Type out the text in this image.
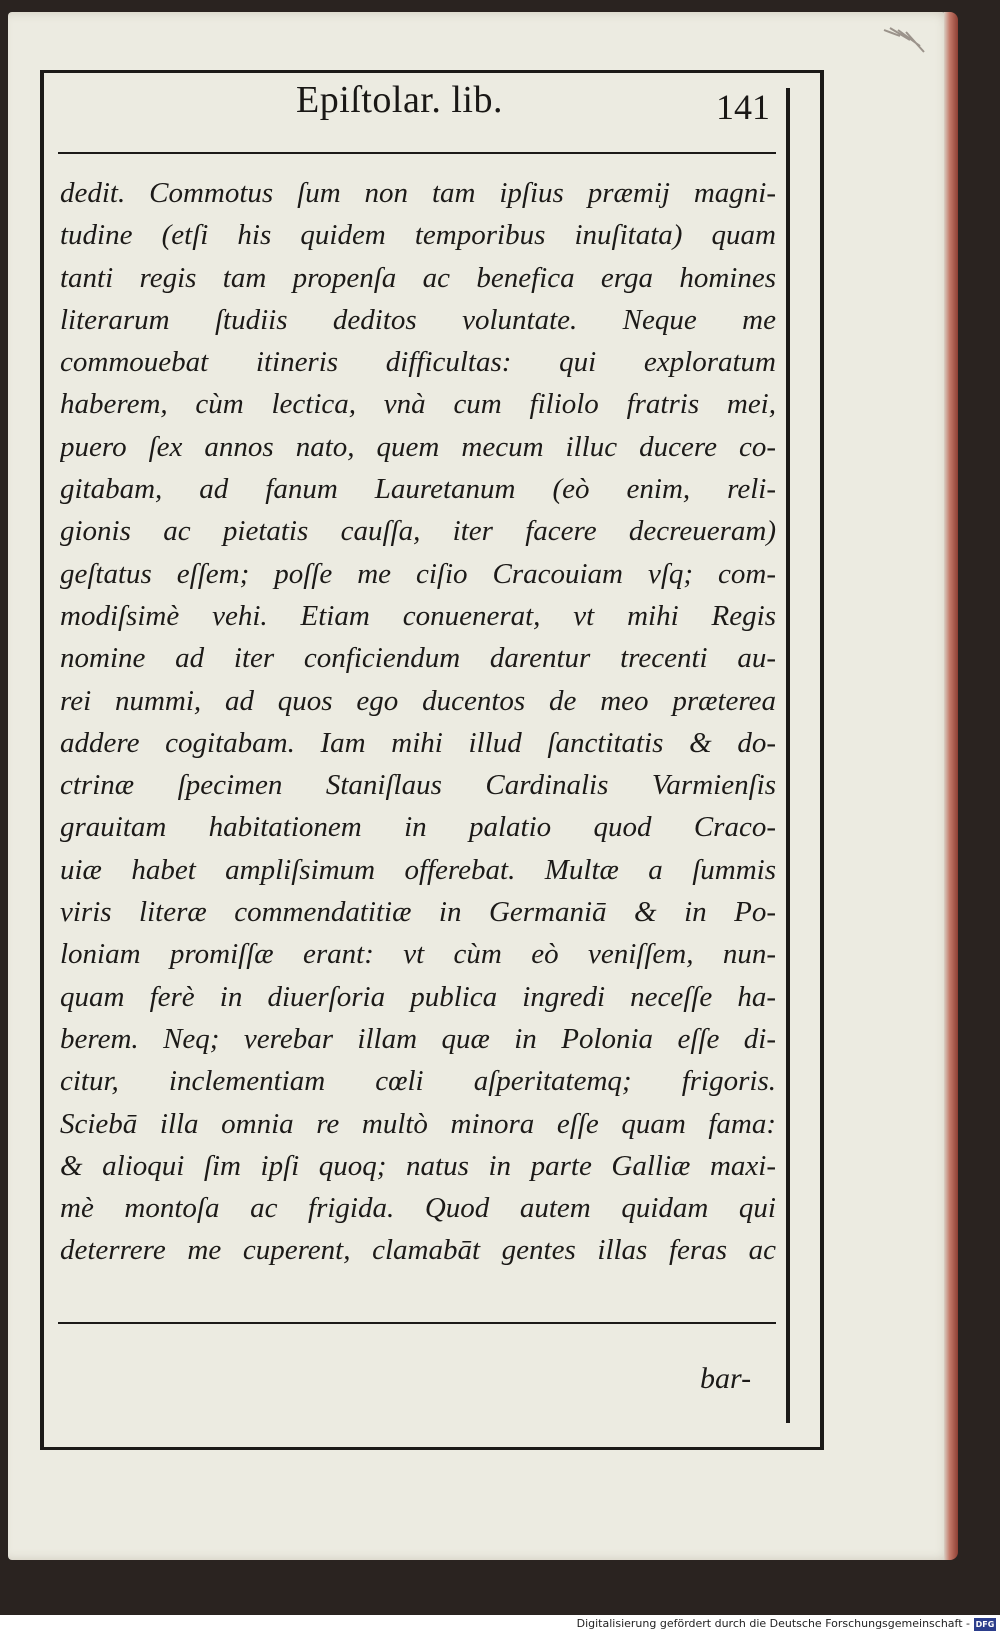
Epiſtolar. lib.	141
dedit. Commotus ſum non tam ipſius præmij magni-
tudine (etſi his quidem temporibus inuſitata) quam
tanti regis tam propenſa ac benefica erga homines
literarum ſtudiis deditos voluntate. Neque me
commouebat itineris difficultas: qui exploratum
haberem, cùm lectica, vnà cum filiolo fratris mei,
puero ſex annos nato, quem mecum illuc ducere co-
gitabam, ad fanum Lauretanum (eò enim, reli-
gionis ac pietatis cauſſa, iter facere decreueram)
geſtatus eſſem; poſſe me ciſio Cracouiam vſq; com-
modiſsimè vehi. Etiam conuenerat, vt mihi Regis
nomine ad iter conficiendum darentur trecenti au-
rei nummi, ad quos ego ducentos de meo præterea
addere cogitabam. Iam mihi illud ſanctitatis & do-
ctrinæ ſpecimen Staniſlaus Cardinalis Varmienſis
grauitam habitationem in palatio quod Craco-
uiæ habet ampliſsimum offerebat. Multæ a ſummis
viris literæ commendatitiæ in Germaniā & in Po-
loniam promiſſæ erant: vt cùm eò veniſſem, nun-
quam ferè in diuerſoria publica ingredi neceſſe ha-
berem. Neq; verebar illam quæ in Polonia eſſe di-
citur, inclementiam cœli aſperitatemq; frigoris.
Sciebā illa omnia re multò minora eſſe quam fama:
& alioqui ſim ipſi quoq; natus in parte Galliæ maxi-
mè montoſa ac frigida. Quod autem quidam qui
deterrere me cuperent, clamabāt gentes illas feras ac
bar-
Digitalisierung gefördert durch die Deutsche Forschungsgemeinschaft - DFG
